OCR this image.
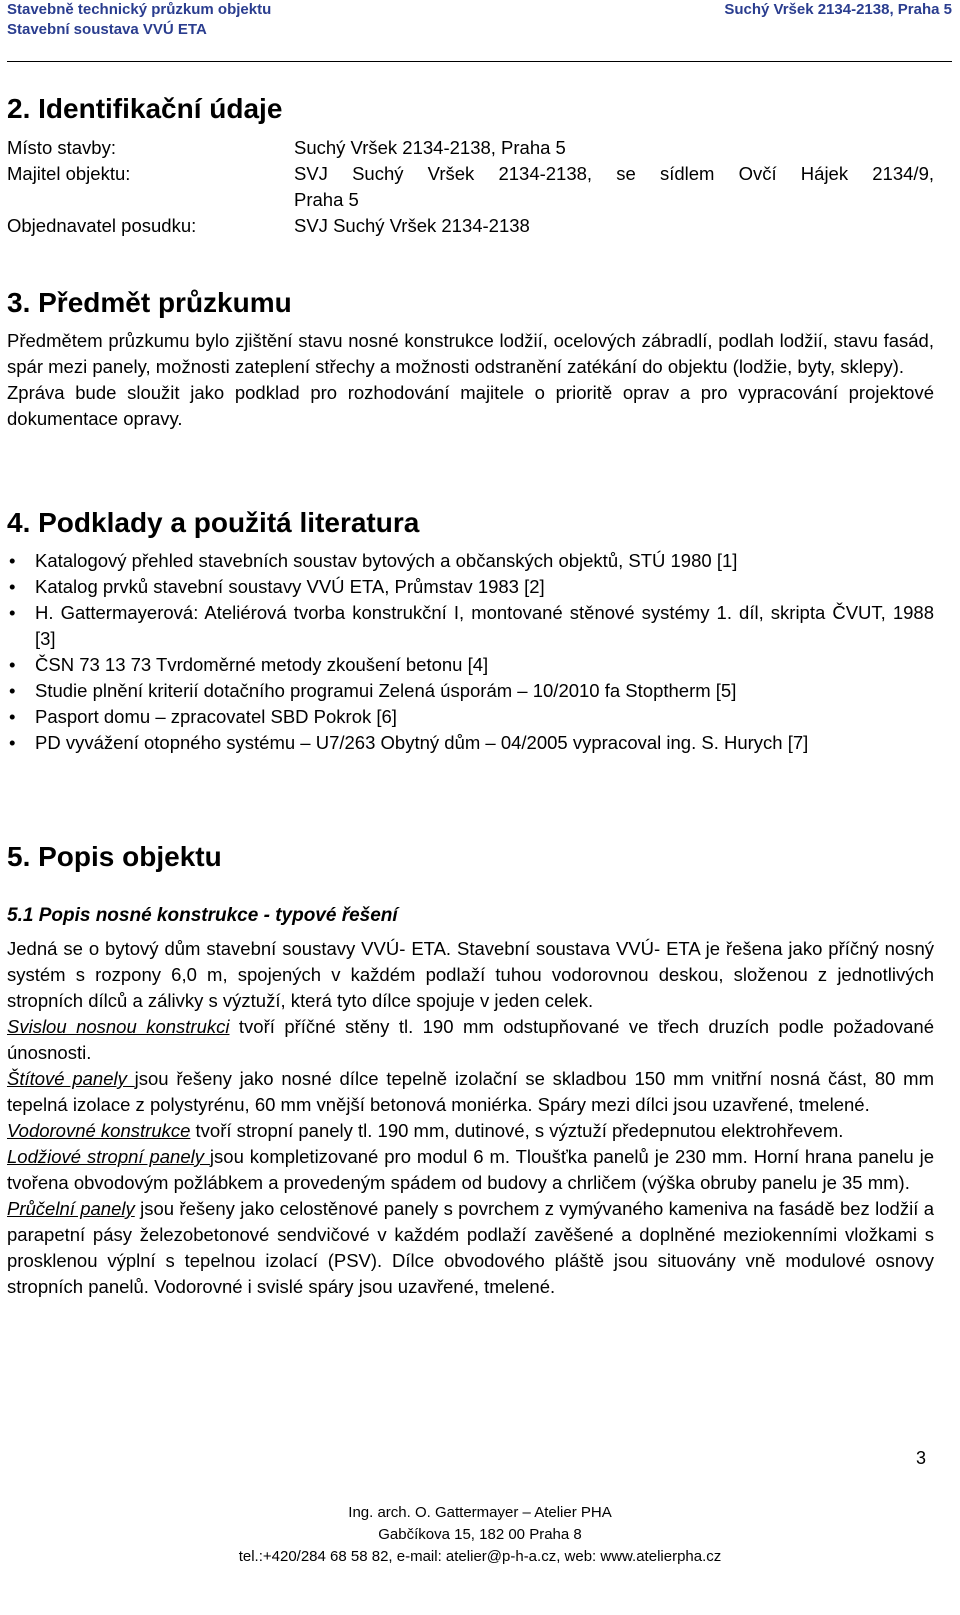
Stavebně technický průzkum objektu
Stavební soustava VVÚ ETA
Suchý Vršek 2134-2138, Praha 5
2. Identifikační údaje
Místo stavby:	Suchý Vršek 2134-2138, Praha 5
Majitel objektu:	SVJ Suchý Vršek 2134-2138, se sídlem Ovčí Hájek 2134/9,
Praha 5
Objednavatel posudku:	SVJ Suchý Vršek 2134-2138
3. Předmět průzkumu

Předmětem průzkumu bylo zjištění stavu nosné konstrukce lodžií, ocelových zábradlí, podlah lodžií, stavu fasád, spár mezi panely, možnosti zateplení střechy a možnosti odstranění zatékání do objektu (lodžie, byty, sklepy).

Zpráva bude sloužit jako podklad pro rozhodování majitele o prioritě oprav a pro vypracování projektové dokumentace opravy.

4. Podklady a použitá literatura
• Katalogový přehled stavebních soustav bytových a občanských objektů, STÚ 1980 [1]
• Katalog prvků stavební soustavy VVÚ ETA, Průmstav 1983 [2]
• H. Gattermayerová: Ateliérová tvorba konstrukční I, montované stěnové systémy 1. díl, skripta ČVUT, 1988 [3]
• ČSN 73 13 73 Tvrdoměrné metody zkoušení betonu [4]
• Studie plnění kriterií dotačního programui Zelená úsporám – 10/2010 fa Stoptherm [5]
• Pasport domu – zpracovatel SBD Pokrok [6]
• PD vyvážení otopného systému – U7/263 Obytný dům – 04/2005 vypracoval ing. S. Hurych [7]
5. Popis objektu
5.1 Popis nosné konstrukce - typové řešení

Jedná se o bytový dům stavební soustavy VVÚ- ETA. Stavební soustava VVÚ- ETA je řešena jako příčný nosný systém s rozpony 6,0 m, spojených v každém podlaží tuhou vodorovnou deskou, složenou z jednotlivých stropních dílců a zálivky s výztuží, která tyto dílce spojuje v jeden celek.

Svislou nosnou konstrukci tvoří příčné stěny tl. 190 mm odstupňované ve třech druzích podle požadované únosnosti.

Štítové panely jsou řešeny jako nosné dílce tepelně izolační se skladbou 150 mm vnitřní nosná část, 80 mm tepelná izolace z polystyrénu, 60 mm vnější betonová moniérka. Spáry mezi dílci jsou uzavřené, tmelené.

Vodorovné konstrukce tvoří stropní panely tl. 190 mm, dutinové, s výztuží předepnutou elektrohřevem.

Lodžiové stropní panely jsou kompletizované pro modul 6 m. Tloušťka panelů je 230 mm. Horní hrana panelu je tvořena obvodovým požlábkem a provedeným spádem od budovy a chrličem (výška obruby panelu je 35 mm).

Průčelní panely jsou řešeny jako celostěnové panely s povrchem z vymývaného kameniva na fasádě bez lodžií a parapetní pásy železobetonové sendvičové v každém podlaží zavěšené a doplněné meziokenními vložkami s prosklenou výplní s tepelnou izolací (PSV). Dílce obvodového pláště jsou situovány vně modulové osnovy stropních panelů. Vodorovné i svislé spáry jsou uzavřené, tmelené.

3
Ing. arch. O. Gattermayer – Atelier PHA
Gabčíkova 15, 182 00 Praha 8
tel.:+420/284 68 58 82, e-mail: atelier@p-h-a.cz, web: www.atelierpha.cz
